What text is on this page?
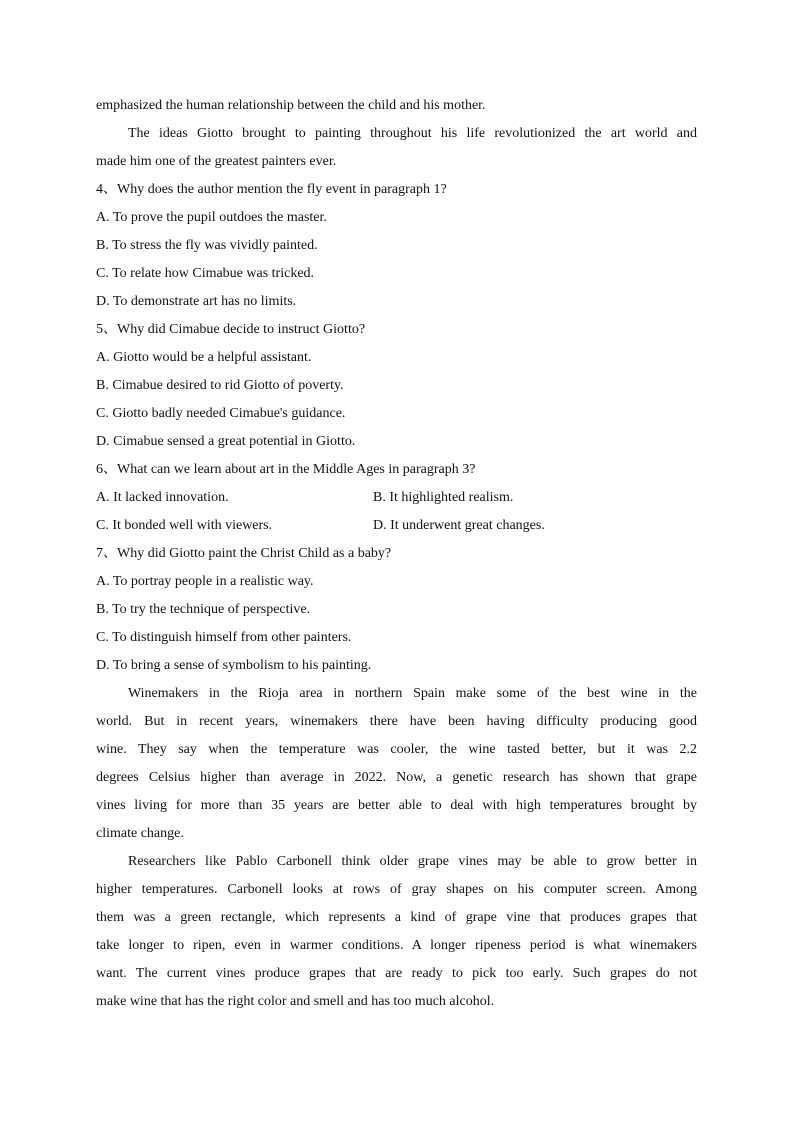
emphasized the human relationship between the child and his mother.
The ideas Giotto brought to painting throughout his life revolutionized the art world and
made him one of the greatest painters ever.
4、Why does the author mention the fly event in paragraph 1?
A. To prove the pupil outdoes the master.
B. To stress the fly was vividly painted.
C. To relate how Cimabue was tricked.
D. To demonstrate art has no limits.
5、Why did Cimabue decide to instruct Giotto?
A. Giotto would be a helpful assistant.
B. Cimabue desired to rid Giotto of poverty.
C. Giotto badly needed Cimabue's guidance.
D. Cimabue sensed a great potential in Giotto.
6、What can we learn about art in the Middle Ages in paragraph 3?
A. It lacked innovation.	B. It highlighted realism.
C. It bonded well with viewers.	D. It underwent great changes.
7、Why did Giotto paint the Christ Child as a baby?
A. To portray people in a realistic way.
B. To try the technique of perspective.
C. To distinguish himself from other painters.
D. To bring a sense of symbolism to his painting.
Winemakers in the Rioja area in northern Spain make some of the best wine in the
world. But in recent years, winemakers there have been having difficulty producing good
wine. They say when the temperature was cooler, the wine tasted better, but it was 2.2
degrees Celsius higher than average in 2022. Now, a genetic research has shown that grape
vines living for more than 35 years are better able to deal with high temperatures brought by
climate change.
Researchers like Pablo Carbonell think older grape vines may be able to grow better in
higher temperatures. Carbonell looks at rows of gray shapes on his computer screen. Among
them was a green rectangle, which represents a kind of grape vine that produces grapes that
take longer to ripen, even in warmer conditions. A longer ripeness period is what winemakers
want. The current vines produce grapes that are ready to pick too early. Such grapes do not
make wine that has the right color and smell and has too much alcohol.
